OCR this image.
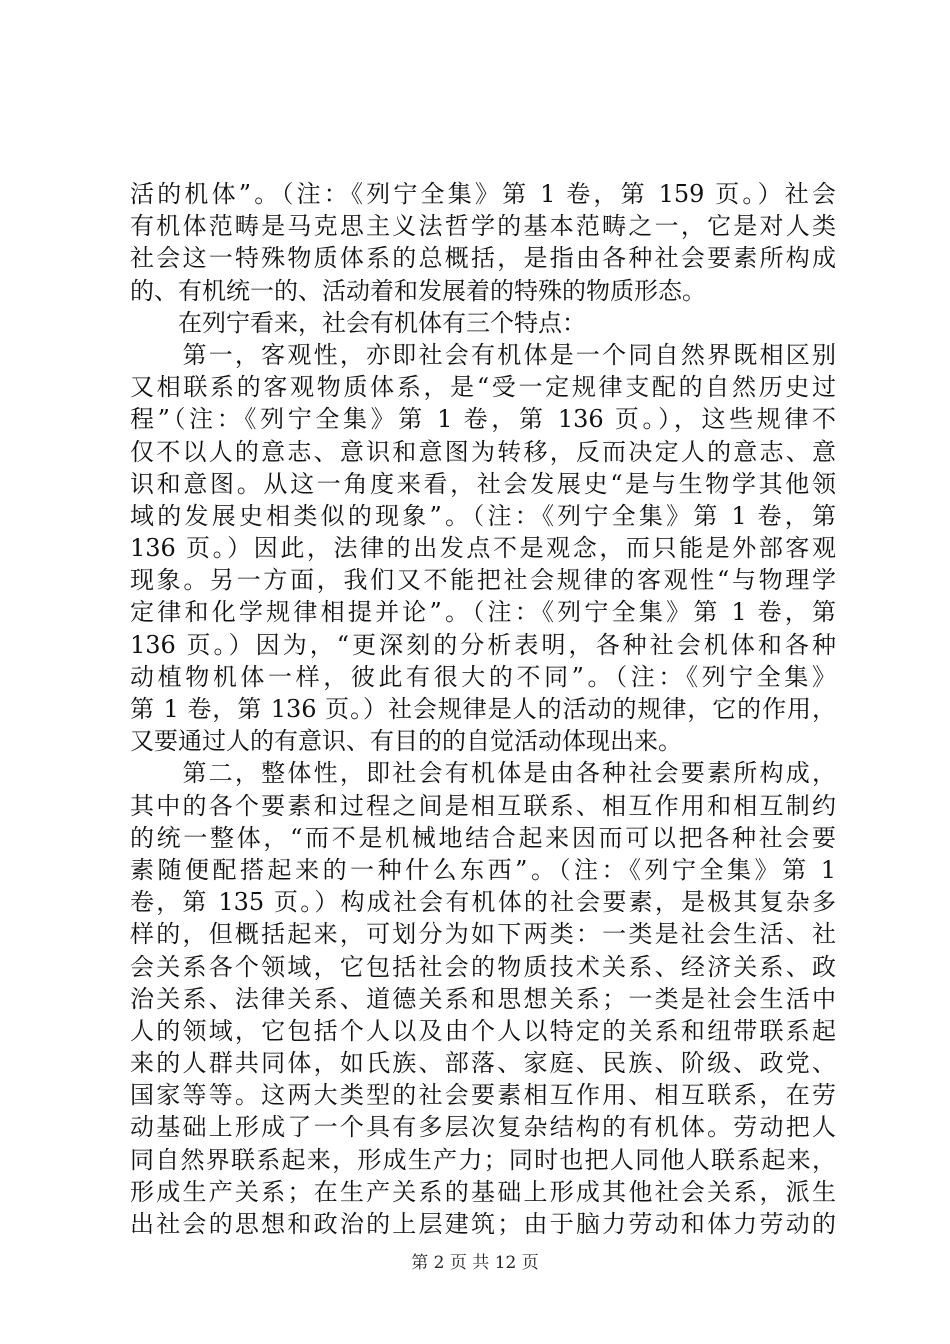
活的机体”。（注：《列宁全集》第 1 卷，第 159 页。）社会
有机体范畴是马克思主义法哲学的基本范畴之一，它是对人类
社会这一特殊物质体系的总概括，是指由各种社会要素所构成
的、有机统一的、活动着和发展着的特殊的物质形态。
　　在列宁看来，社会有机体有三个特点：
　　第一，客观性，亦即社会有机体是一个同自然界既相区别
又相联系的客观物质体系，是“受一定规律支配的自然历史过
程”（注：《列宁全集》第 1 卷，第 136 页。），这些规律不
仅不以人的意志、意识和意图为转移，反而决定人的意志、意
识和意图。从这一角度来看，社会发展史“是与生物学其他领
域的发展史相类似的现象”。（注：《列宁全集》第 1 卷，第
136 页。）因此，法律的出发点不是观念，而只能是外部客观
现象。另一方面，我们又不能把社会规律的客观性“与物理学
定律和化学规律相提并论”。（注：《列宁全集》第 1 卷，第
136 页。）因为，“更深刻的分析表明，各种社会机体和各种
动植物机体一样，彼此有很大的不同”。（注：《列宁全集》
第 1 卷，第 136 页。）社会规律是人的活动的规律，它的作用，
又要通过人的有意识、有目的的自觉活动体现出来。
　　第二，整体性，即社会有机体是由各种社会要素所构成，
其中的各个要素和过程之间是相互联系、相互作用和相互制约
的统一整体，“而不是机械地结合起来因而可以把各种社会要
素随便配搭起来的一种什么东西”。（注：《列宁全集》第 1
卷，第 135 页。）构成社会有机体的社会要素，是极其复杂多
样的，但概括起来，可划分为如下两类：一类是社会生活、社
会关系各个领域，它包括社会的物质技术关系、经济关系、政
治关系、法律关系、道德关系和思想关系；一类是社会生活中
人的领域，它包括个人以及由个人以特定的关系和纽带联系起
来的人群共同体，如氏族、部落、家庭、民族、阶级、政党、
国家等等。这两大类型的社会要素相互作用、相互联系，在劳
动基础上形成了一个具有多层次复杂结构的有机体。劳动把人
同自然界联系起来，形成生产力；同时也把人同他人联系起来，
形成生产关系；在生产关系的基础上形成其他社会关系，派生
出社会的思想和政治的上层建筑；由于脑力劳动和体力劳动的
第 2 页 共 12 页
